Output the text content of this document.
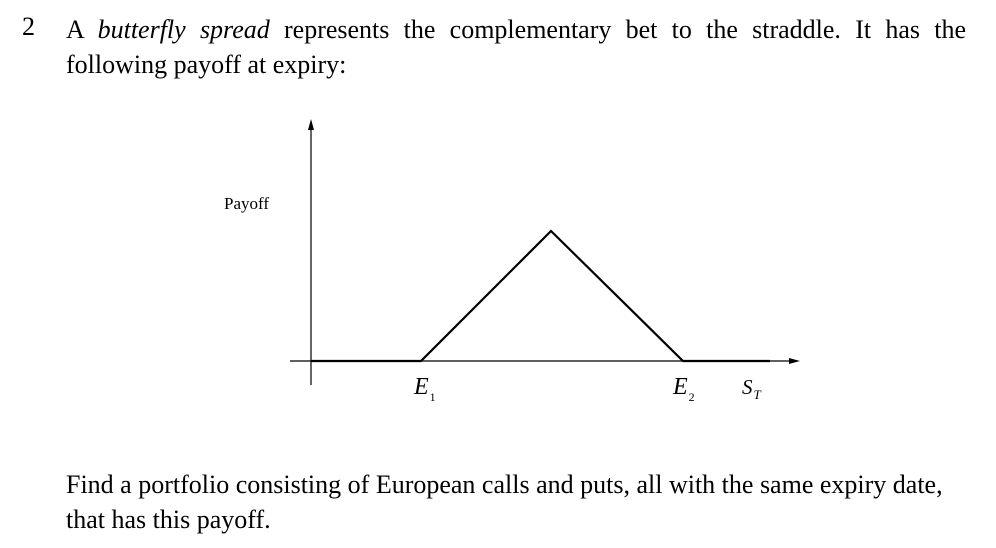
2 A butterfly spread represents the complementary bet to the straddle. It has the following payoff at expiry:

Payoff
$E_1$	$E_2$ $S_T$

Find a portfolio consisting of European calls and puts, all with the same expiry date, that has this payoff.
